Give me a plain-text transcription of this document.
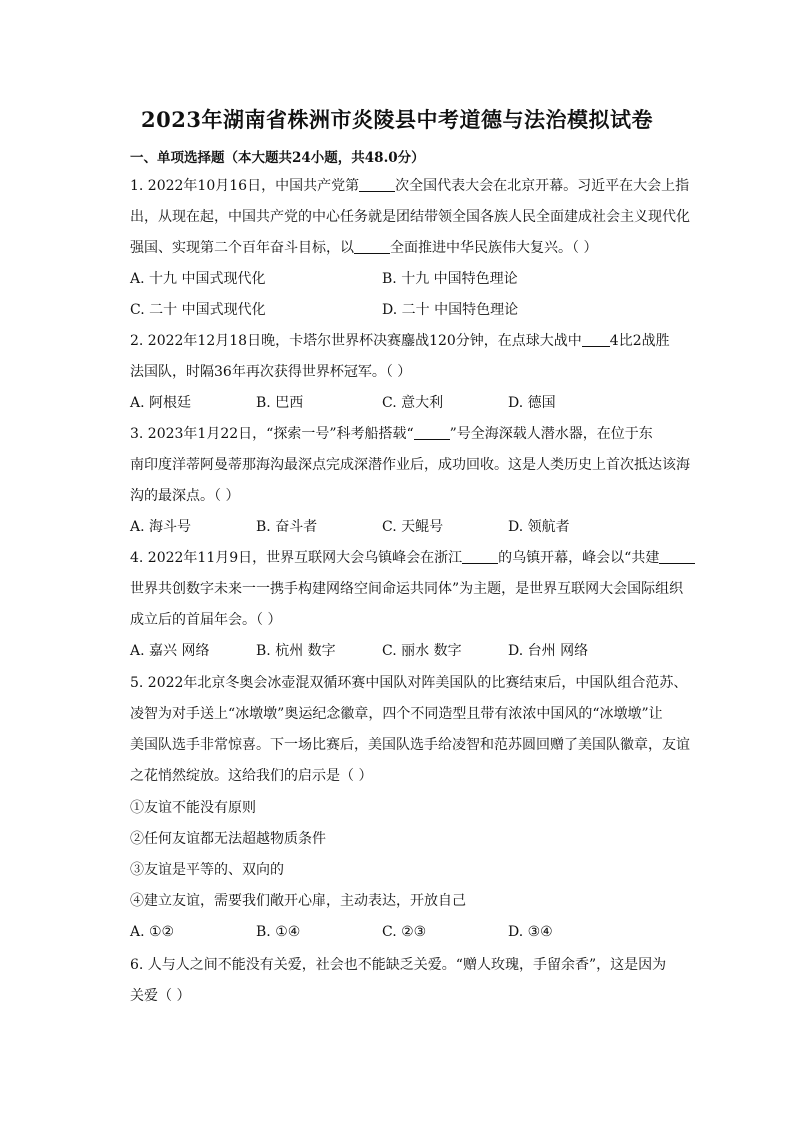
2023年湖南省株洲市炎陵县中考道德与法治模拟试卷
一、单项选择题（本大题共24小题，共48.0分）
1. 2022年10月16日，中国共产党第	次全国代表大会在北京开幕。习近平在大会上指
出，从现在起，中国共产党的中心任务就是团结带领全国各族人民全面建成社会主义现代化
强国、实现第二个百年奋斗目标，以	全面推进中华民族伟大复兴。（ ）
A. 十九 中国式现代化	B. 十九 中国特色理论
C. 二十 中国式现代化	D. 二十 中国特色理论
2. 2022年12月18日晚，卡塔尔世界杯决赛鏖战120分钟，在点球大战中 4比2战胜
法国队，时隔36年再次获得世界杯冠军。（ ）
A. 阿根廷	B. 巴西	C. 意大利	D. 德国
3. 2023年1月22日，“探索一号”科考船搭载“	”号全海深载人潜水器，在位于东
南印度洋蒂阿曼蒂那海沟最深点完成深潜作业后，成功回收。这是人类历史上首次抵达该海
沟的最深点。（ ）
A. 海斗号	B. 奋斗者	C. 天鲲号	D. 领航者
4. 2022年11月9日，世界互联网大会乌镇峰会在浙江	的乌镇开幕，峰会以“共建
世界共创数字未来一一携手构建网络空间命运共同体”为主题，是世界互联网大会国际组织
成立后的首届年会。（ ）
A. 嘉兴 网络	B. 杭州 数字	C. 丽水 数字	D. 台州 网络
5. 2022年北京冬奥会冰壶混双循环赛中国队对阵美国队的比赛结束后，中国队组合范苏、
凌智为对手送上“冰墩墩”奥运纪念徽章，四个不同造型且带有浓浓中国风的“冰墩墩”让
美国队选手非常惊喜。下一场比赛后，美国队选手给凌智和范苏圆回赠了美国队徽章，友谊
之花悄然绽放。这给我们的启示是（ ）
①友谊不能没有原则
②任何友谊都无法超越物质条件
③友谊是平等的、双向的
④建立友谊，需要我们敞开心扉，主动表达，开放自己
A. ①②	B. ①④	C. ②③	D. ③④
6. 人与人之间不能没有关爱，社会也不能缺乏关爱。“赠人玫瑰，手留余香”，这是因为
关爱（ ）
